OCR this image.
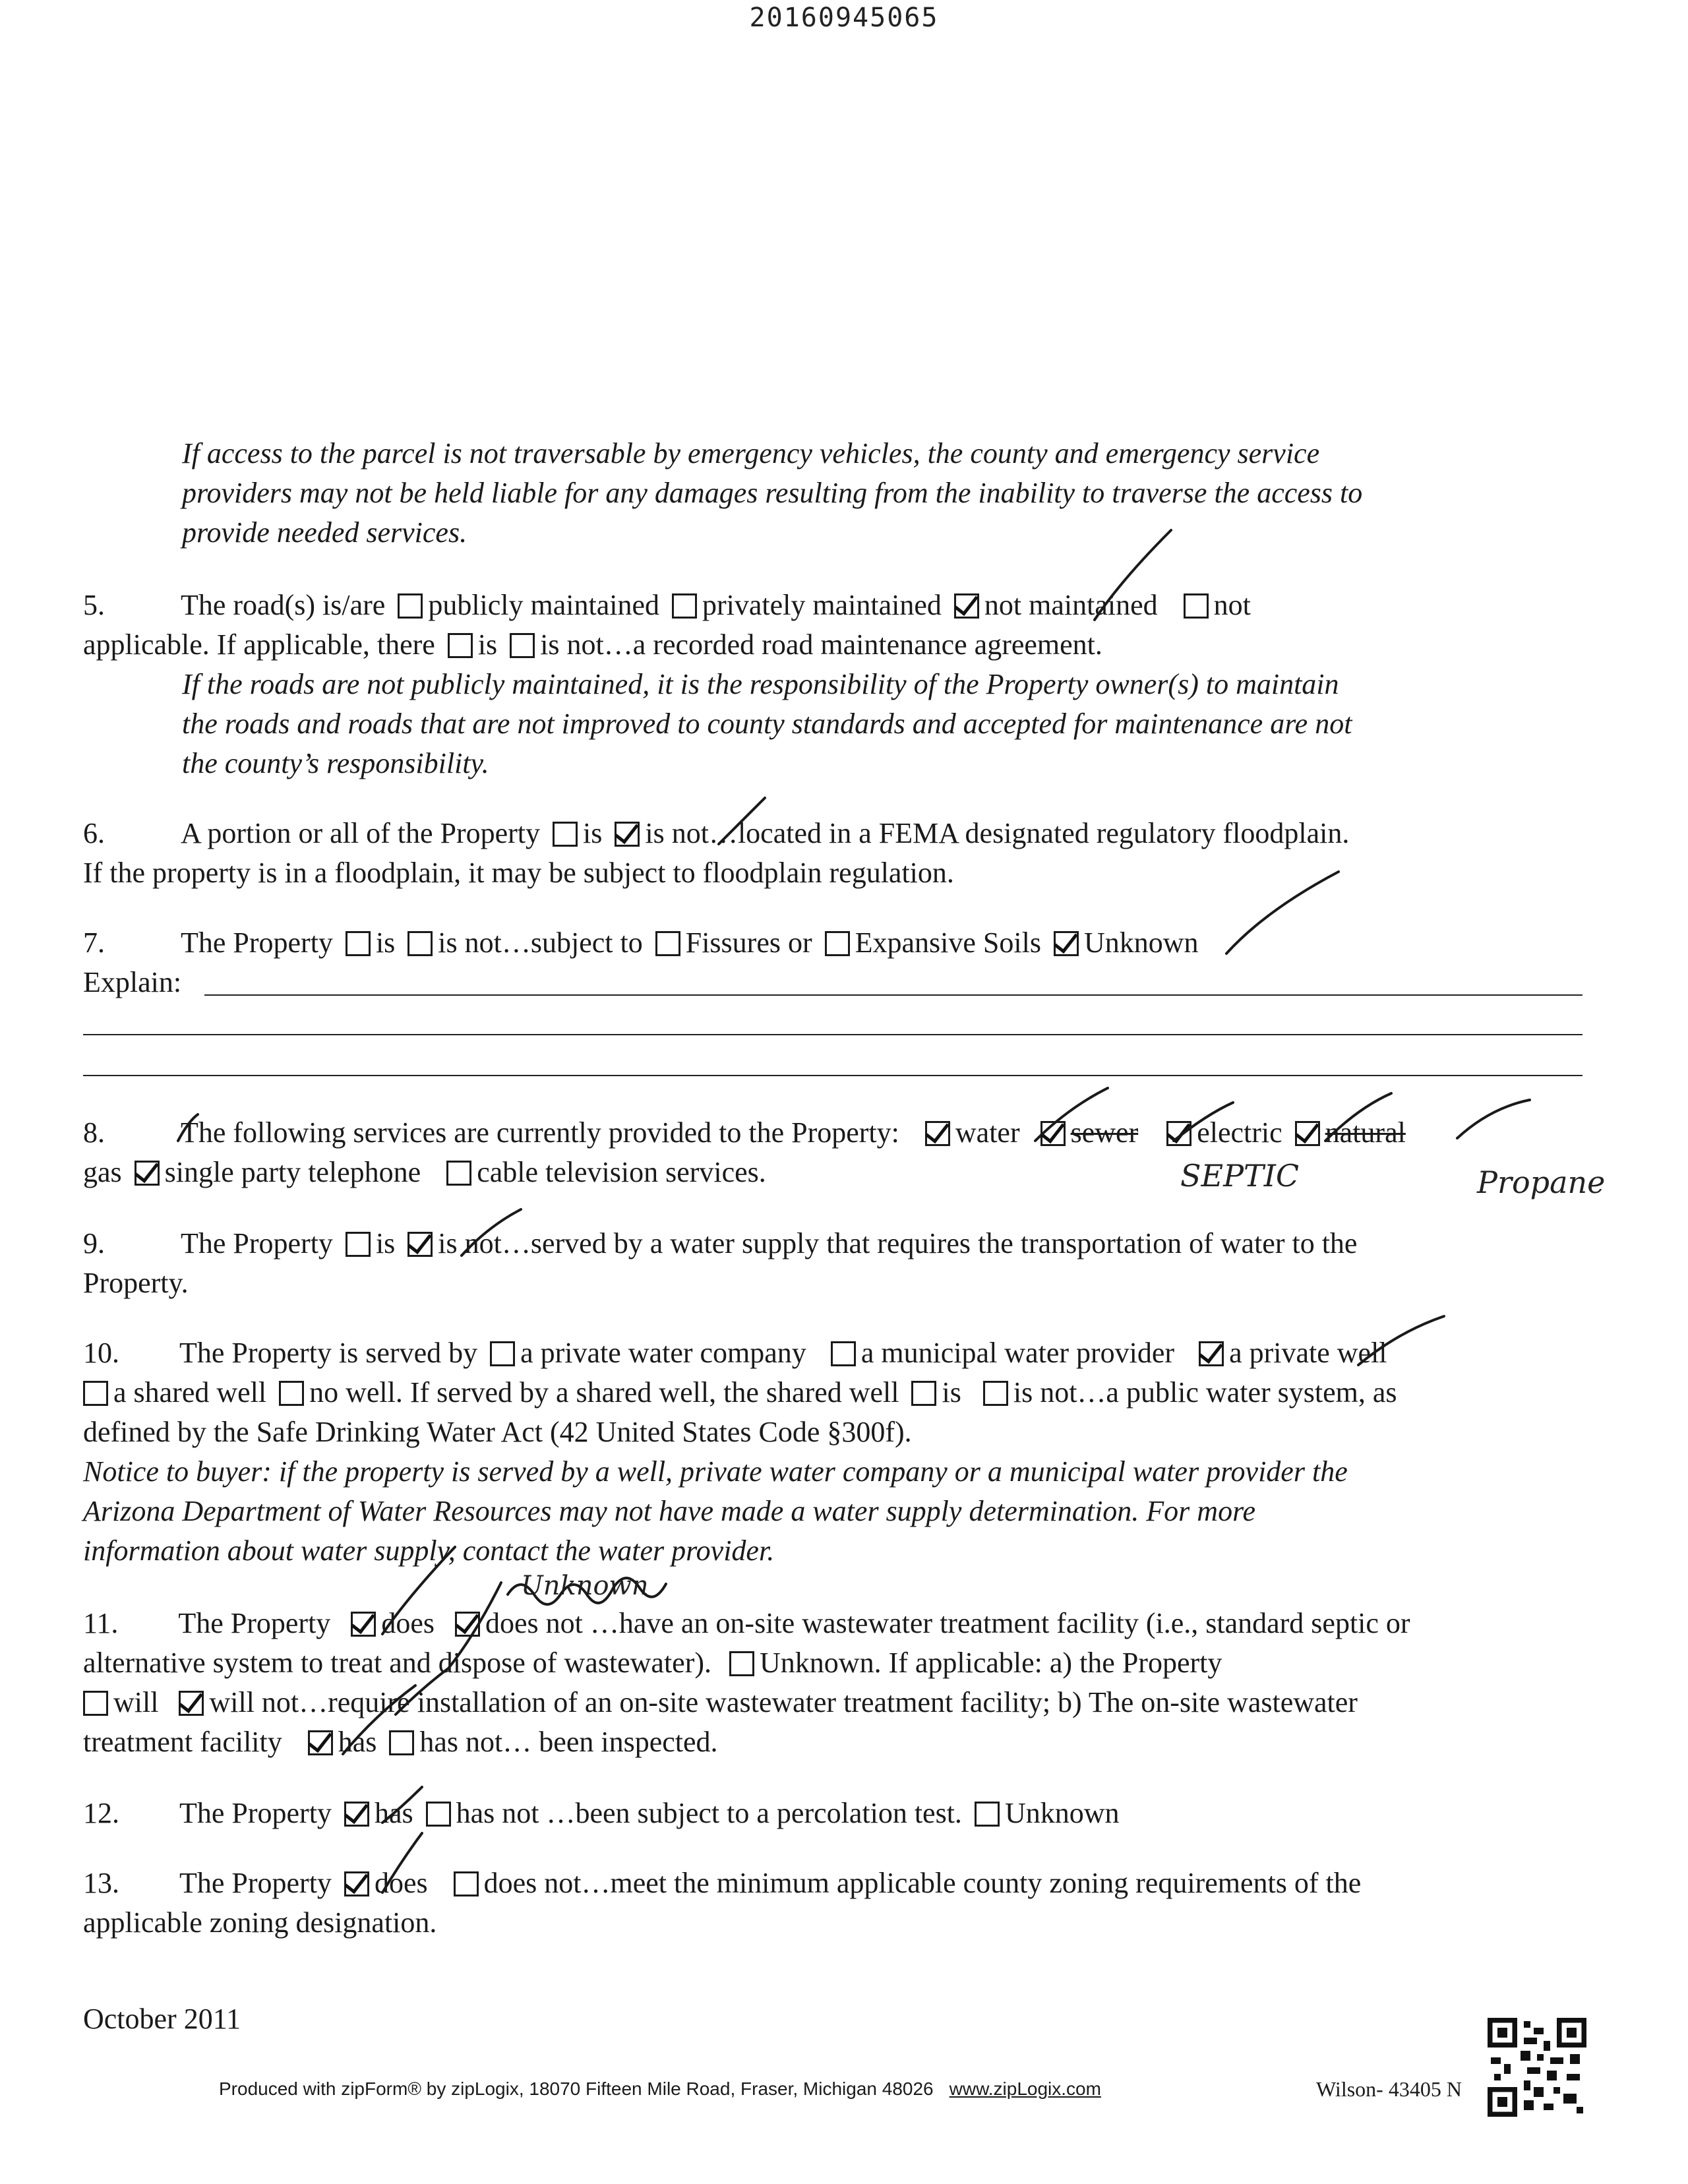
20160945065
If access to the parcel is not traversable by emergency vehicles, the county and emergency service
providers may not be held liable for any damages resulting from the inability to traverse the access to
provide needed services.
5.	The road(s) is/are publicly maintained privately maintained not maintained not
applicable. If applicable, there is is not…a recorded road maintenance agreement.
If the roads are not publicly maintained, it is the responsibility of the Property owner(s) to maintain
the roads and roads that are not improved to county standards and accepted for maintenance are not
the county’s responsibility.
6.	A portion or all of the Property is is not…located in a FEMA designated regulatory floodplain.
If the property is in a floodplain, it may be subject to floodplain regulation.
7.	The Property is is not…subject to Fissures or Expansive Soils Unknown
Explain:
8.	The following services are currently provided to the Property: water sewer electric natural
gas single party telephone cable television services.	SEPTIC	Propane
9.	The Property is is not…served by a water supply that requires the transportation of water to the
Property.
10. The Property is served by a private water company a municipal water provider a private well
a shared well no well. If served by a shared well, the shared well is is not…a public water system, as
defined by the Safe Drinking Water Act (42 United States Code §300f).
Notice to buyer: if the property is served by a well, private water company or a municipal water provider the
Arizona Department of Water Resources may not have made a water supply determination. For more
information about water supply, contact the water provider.
Unknown
11. The Property does does not …have an on-site wastewater treatment facility (i.e., standard septic or
alternative system to treat and dispose of wastewater). Unknown. If applicable: a) the Property
will will not…require installation of an on-site wastewater treatment facility; b) The on-site wastewater
treatment facility has has not… been inspected.
12. The Property has has not …been subject to a percolation test. Unknown
13. The Property does does not…meet the minimum applicable county zoning requirements of the
applicable zoning designation.
October 2011
Produced with zipForm® by zipLogix, 18070 Fifteen Mile Road, Fraser, Michigan 48026 www.zipLogix.com	Wilson- 43405 N
